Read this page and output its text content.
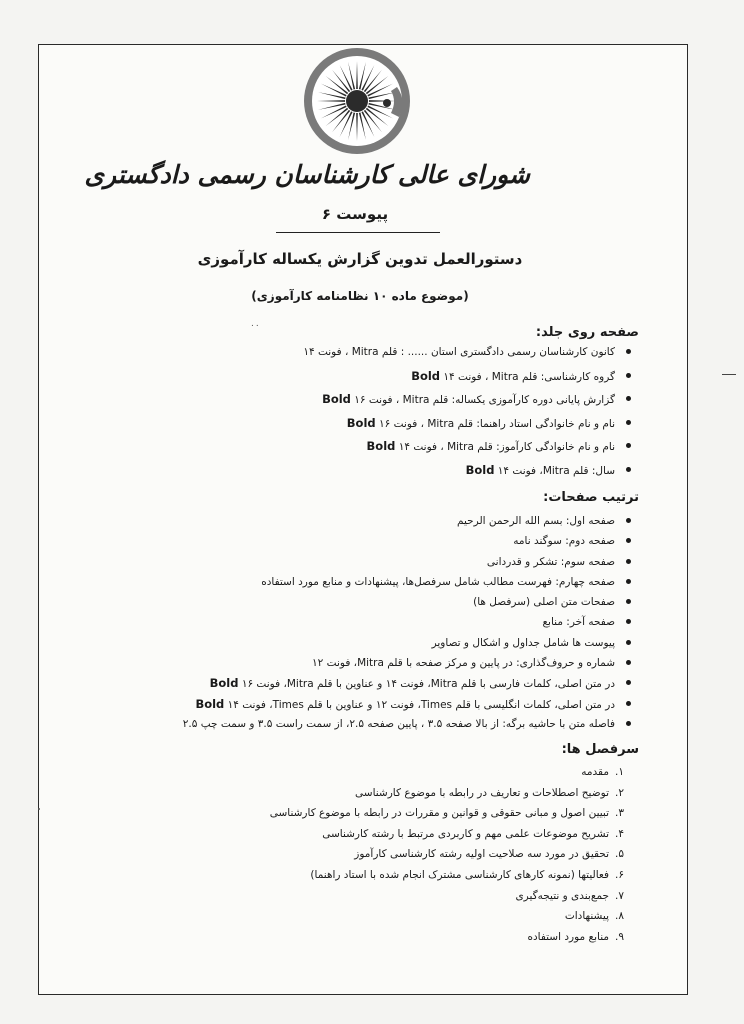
شورای عالی کارشناسان رسمی دادگستری
پیوست ۶
دستورالعمل تدوین گزارش یکساله کارآموزی
(موضوع ماده ۱۰ نظامنامه کارآموزی)
۰۰	صفحه روی جلد:
کانون کارشناسان رسمی دادگستری استان ...... : قلم Mitra ، فونت ۱۴
گروه کارشناسی: قلم Mitra ، فونت ۱۴ Bold
گزارش پایانی دوره کارآموزی یکساله: قلم Mitra ، فونت ۱۶ Bold
نام و نام خانوادگی استاد راهنما: قلم Mitra ، فونت ۱۶ Bold
نام و نام خانوادگی کارآموز: قلم Mitra ، فونت ۱۴ Bold
سال: قلم Mitra، فونت ۱۴ Bold
ترتیب صفحات:
صفحه اول: بسم الله الرحمن الرحیم
صفحه دوم: سوگند نامه
صفحه سوم: تشکر و قدردانی
صفحه چهارم: فهرست مطالب شامل سرفصل‌ها، پیشنهادات و منابع مورد استفاده
صفحات متن اصلی (سرفصل ها)
صفحه آخر: منابع
پیوست ها شامل جداول و اشکال و تصاویر
شماره و حروف‌گذاری: در پایین و مرکز صفحه با قلم Mitra، فونت ۱۲
در متن اصلی، کلمات فارسی با قلم Mitra، فونت ۱۴ و عناوین با قلم Mitra، فونت ۱۶ Bold
در متن اصلی، کلمات انگلیسی با قلم Times، فونت ۱۲ و عناوین با قلم Times، فونت ۱۴ Bold
فاصله متن با حاشیه برگه: از بالا صفحه ۳.۵ ، پایین صفحه ۲.۵، از سمت راست ۳.۵ و سمت چپ ۲.۵
سرفصل ها:
۱.
مقدمه
۲.
توضیح اصطلاحات و تعاریف در رابطه با موضوع کارشناسی
۳.
تبیین اصول و مبانی حقوقی و قوانین و مقررات در رابطه با موضوع کارشناسی
۴.
تشریح موضوعات علمی مهم و کاربردی مرتبط با رشته کارشناسی
۵.
تحقیق در مورد سه صلاحیت اولیه رشته کارشناسی کارآموز
۶.
فعالیتها (نمونه کارهای کارشناسی مشترک انجام شده با استاد راهنما)
۷.
جمع‌بندی و نتیجه‌گیری
۸.
پیشنهادات
۹.
منابع مورد استفاده
